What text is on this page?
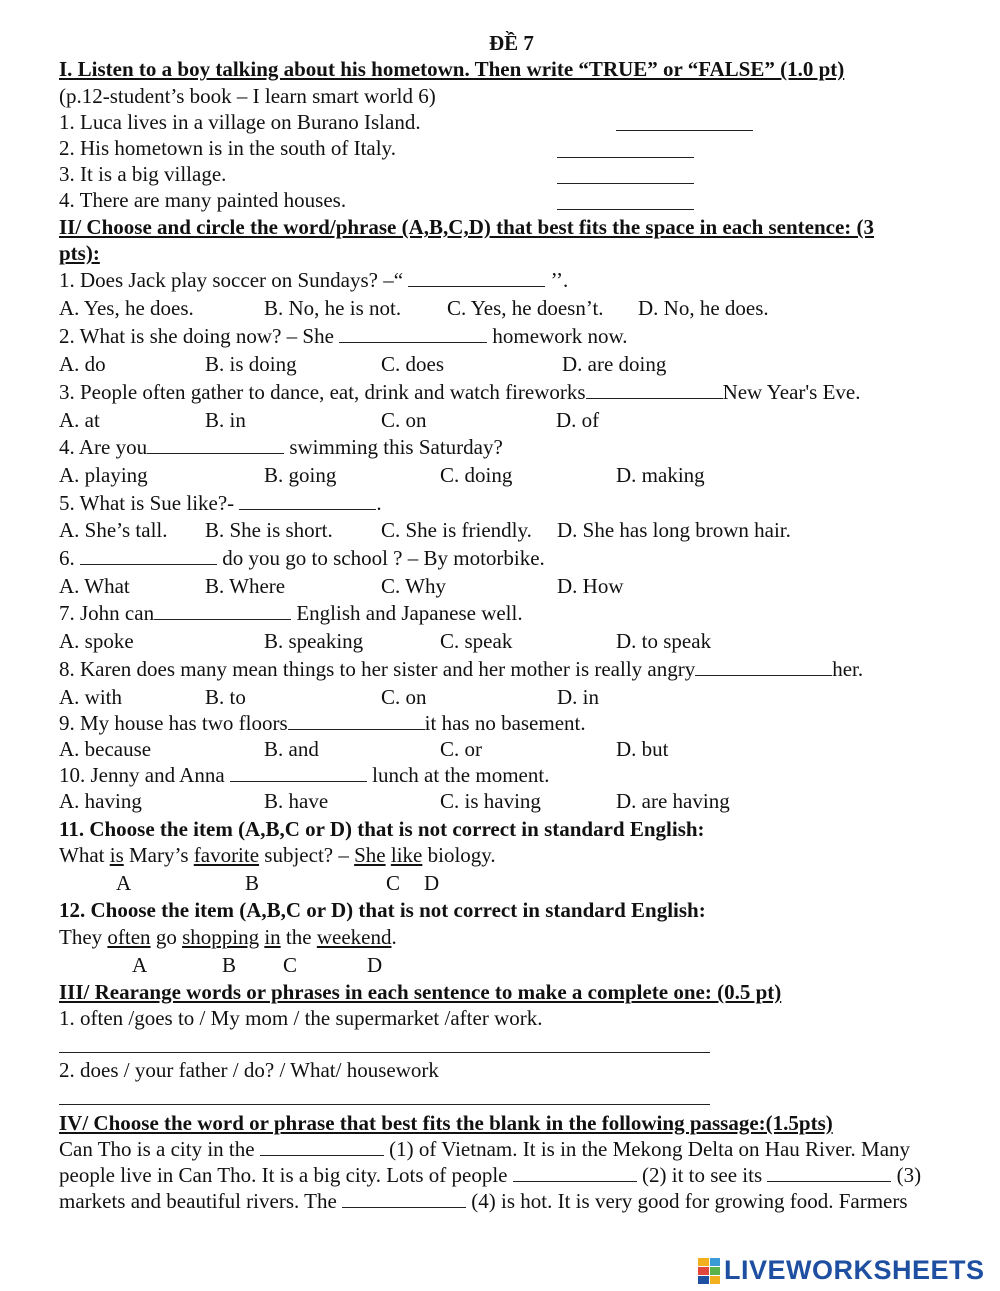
ĐỀ 7
I. Listen to a boy talking about his hometown. Then write “TRUE” or “FALSE” (1.0 pt)
(p.12-student’s book – I learn smart world 6)
1. Luca lives in a village on Burano Island.
2. His hometown is in the south of Italy.
3. It is a big village.
4. There are many painted houses.
II/ Choose and circle the word/phrase (A,B,C,D) that best fits the space in each sentence: (3
pts):
1. Does Jack play soccer on Sundays? –“	’’.
A. Yes, he does.	B. No, he is not. C. Yes, he doesn’t. D. No, he does.
2. What is she doing now? – She	homework now.
A. do	B. is doing	C. does	D. are doing
3. People often gather to dance, eat, drink and watch fireworks	New Year's Eve.
A. at	B. in	C. on	D. of
4. Are you	swimming this Saturday?
A. playing	B. going	C. doing	D. making
5. What is Sue like?-	.
A. She’s tall. B. She is short. C. She is friendly. D. She has long brown hair.
6.	do you go to school ? – By motorbike.
A. What	B. Where	C. Why	D. How
7. John can	English and Japanese well.
A. spoke	B. speaking	C. speak	D. to speak
8. Karen does many mean things to her sister and her mother is really angry	her.
A. with	B. to	C. on	D. in
9. My house has two floors	it has no basement.
A. because	B. and	C. or	D. but
10. Jenny and Anna	lunch at the moment.
A. having	B. have	C. is having	D. are having
11. Choose the item (A,B,C or D) that is not correct in standard English:
What is Mary’s favorite subject? – She like biology.
A	B	C D
12. Choose the item (A,B,C or D) that is not correct in standard English:
They often go shopping in the weekend.
A	B C	D
III/ Rearange words or phrases in each sentence to make a complete one: (0.5 pt)
1. often /goes to / My mom / the supermarket /after work.
2. does / your father / do? / What/ housework
IV/ Choose the word or phrase that best fits the blank in the following passage:(1.5pts)
Can Tho is a city in the	(1) of Vietnam. It is in the Mekong Delta on Hau River. Many
people live in Can Tho. It is a big city. Lots of people	(2) it to see its	(3)
markets and beautiful rivers. The	(4) is hot. It is very good for growing food. Farmers
LIVEWORKSHEETS
